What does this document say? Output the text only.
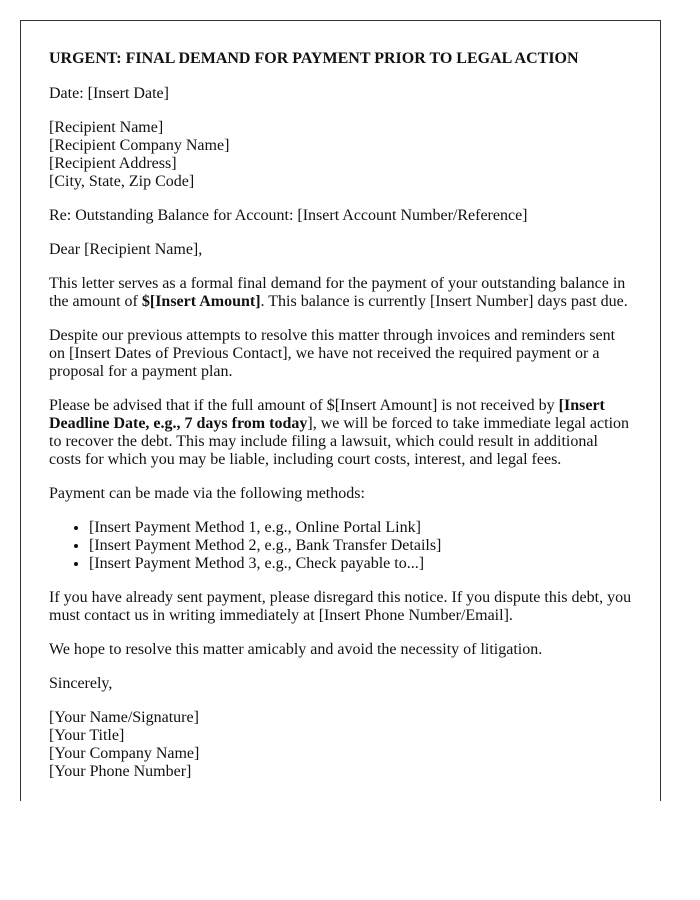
URGENT: FINAL DEMAND FOR PAYMENT PRIOR TO LEGAL ACTION

Date: [Insert Date]

[Recipient Name]
[Recipient Company Name]
[Recipient Address]
[City, State, Zip Code]

Re: Outstanding Balance for Account: [Insert Account Number/Reference]

Dear [Recipient Name],

This letter serves as a formal final demand for the payment of your outstanding balance in the amount of $[Insert Amount]. This balance is currently [Insert Number] days past due.

Despite our previous attempts to resolve this matter through invoices and reminders sent on [Insert Dates of Previous Contact], we have not received the required payment or a proposal for a payment plan.

Please be advised that if the full amount of $[Insert Amount] is not received by [Insert Deadline Date, e.g., 7 days from today], we will be forced to take immediate legal action to recover the debt. This may include filing a lawsuit, which could result in additional costs for which you may be liable, including court costs, interest, and legal fees.

Payment can be made via the following methods:

• [Insert Payment Method 1, e.g., Online Portal Link]
• [Insert Payment Method 2, e.g., Bank Transfer Details]
• [Insert Payment Method 3, e.g., Check payable to...]

If you have already sent payment, please disregard this notice. If you dispute this debt, you must contact us in writing immediately at [Insert Phone Number/Email].

We hope to resolve this matter amicably and avoid the necessity of litigation.

Sincerely,

[Your Name/Signature]
[Your Title]
[Your Company Name]
[Your Phone Number]
